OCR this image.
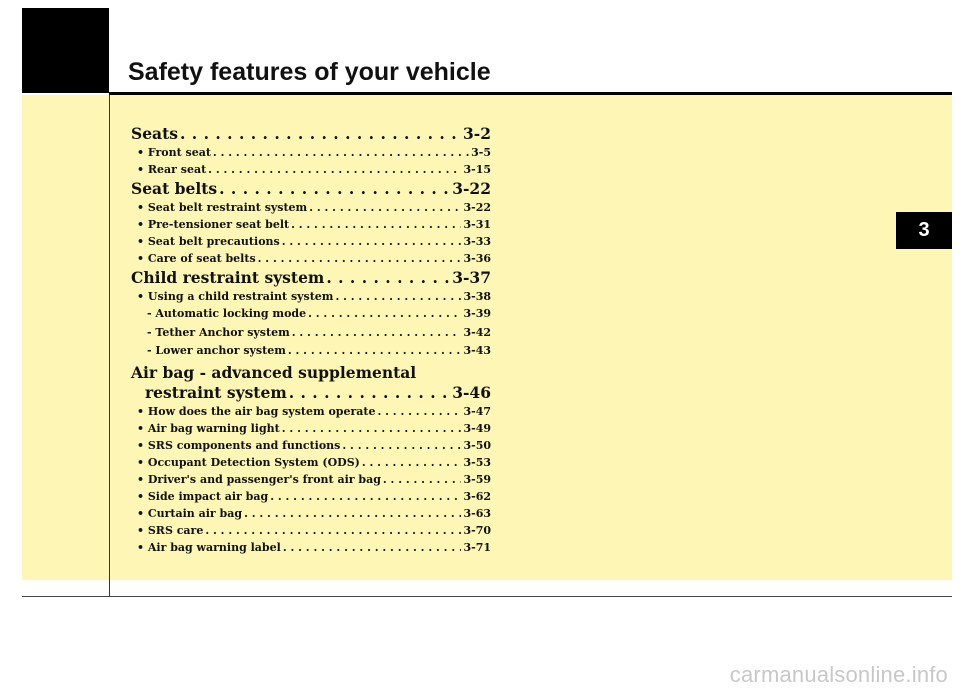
Safety features of your vehicle
3
Seats . . .	3-2
• Front seat . . .	3-5
• Rear seat . . .	3-15
Seat belts . . .	3-22
• Seat belt restraint system . . .	3-22
• Pre-tensioner seat belt . . .	3-31
• Seat belt precautions . . .	3-33
• Care of seat belts . . .	3-36
Child restraint system . . .	3-37
• Using a child restraint system . . .	3-38
- Automatic locking mode . . .	3-39
- Tether Anchor system . . .	3-42
- Lower anchor system . . .	3-43
Air bag - advanced supplemental
restraint system . . .	3-46
• How does the air bag system operate . . .	3-47
• Air bag warning light . . .	3-49
• SRS components and functions . . .	3-50
• Occupant Detection System (ODS) . . .	3-53
• Driver's and passenger's front air bag . . .	3-59
• Side impact air bag . . .	3-62
• Curtain air bag . . .	3-63
• SRS care . . .	3-70
• Air bag warning label . . .	3-71
carmanualsonline.info
